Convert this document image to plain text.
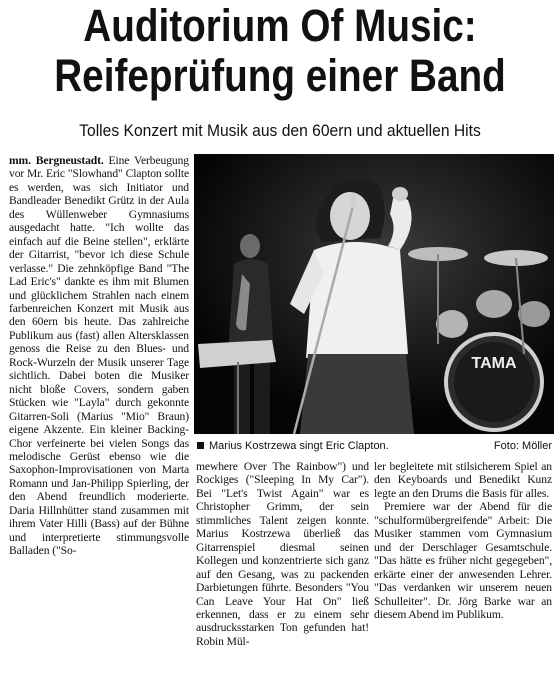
Auditorium Of Music:
Reifeprüfung einer Band
Tolles Konzert mit Musik aus den 60ern und aktuellen Hits

mm. Bergneustadt. Eine Verbeugung vor Mr. Eric "Slowhand" Clapton sollte es werden, was sich Initiator und Bandleader Benedikt Grütz in der Aula des Wüllenweber Gymnasiums ausgedacht hatte. "Ich wollte das einfach auf die Beine stellen", erklärte der Gitarrist, "bevor ich diese Schule verlasse." Die zehnköpfige Band "The Lad Eric's" dankte es ihm mit Blumen und glücklichem Strahlen nach einem farbenreichen Konzert mit Musik aus den 60ern bis heute. Das zahlreiche Publikum aus (fast) allen Altersklassen genoss die Reise zu den Blues- und Rock-Wurzeln der Musik unserer Tage sichtlich. Dabei boten die Musiker nicht bloße Covers, sondern gaben Stücken wie "Layla" durch gekonnte Gitarren-Soli (Marius "Mio" Braun) eigene Akzente. Ein kleiner Backing-Chor verfeinerte bei vielen Songs das melodische Gerüst ebenso wie die Saxophon-Improvisationen von Marta Romann und Jan-Philipp Spierling, der den Abend freundlich moderierte. Daria Hillnhütter stand zusammen mit ihrem Vater Hilli (Bass) auf der Bühne und interpretierte stimmungsvolle Balladen ("So-

TAMA
Marius Kostrzewa singt Eric Clapton.	Foto: Möller

mewhere Over The Rainbow") und Rockiges ("Sleeping In My Car"). Bei "Let's Twist Again" war es Christopher Grimm, der sein stimmliches Talent zeigen konnte. Marius Kostrzewa überließ das Gitarrenspiel diesmal seinen Kollegen und konzentrierte sich ganz auf den Gesang, was zu packenden Darbietungen führte. Besonders "You Can Leave Your Hat On" ließ erkennen, dass er zu einem sehr ausdrucksstarken Ton gefunden hat! Robin Mül-

ler begleitete mit stilsicherem Spiel an den Keyboards und Benedikt Kunz legte an den Drums die Basis für alles.

Premiere war der Abend für die "schulformübergreifende" Arbeit: Die Musiker stammen vom Gymnasium und der Derschlager Gesamtschule. "Das hätte es früher nicht gegegeben", erkärte einer der anwesenden Lehrer. "Das verdanken wir unserem neuen Schulleiter". Dr. Jörg Barke war an diesem Abend im Publikum.
